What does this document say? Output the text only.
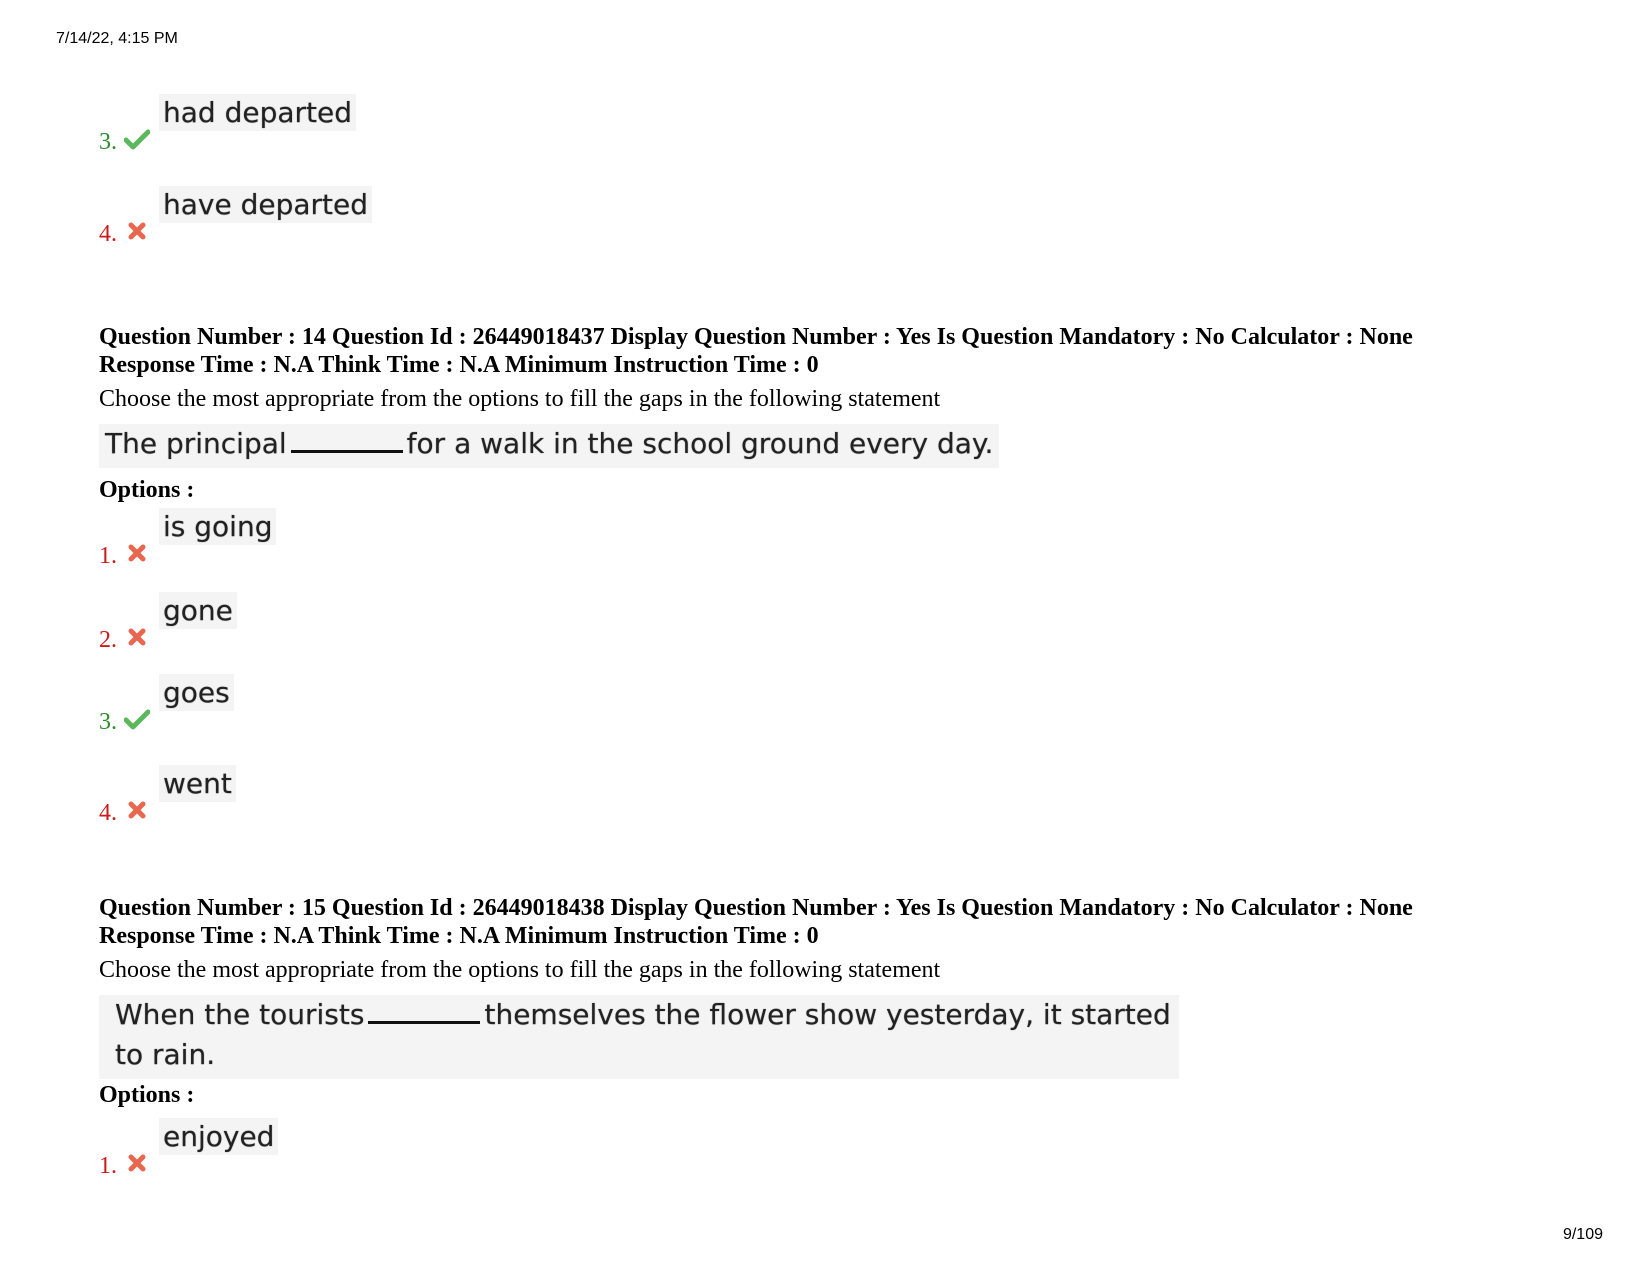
7/14/22, 4:15 PM
3.
had departed
4.
have departed
Question Number : 14 Question Id : 26449018437 Display Question Number : Yes Is Question Mandatory : No Calculator : None
Response Time : N.A Think Time : N.A Minimum Instruction Time : 0
Choose the most appropriate from the options to fill the gaps in the following statement
The principal	for a walk in the school ground every day.
Options :
1.
is going
2.
gone
3.
goes
4.
went
Question Number : 15 Question Id : 26449018438 Display Question Number : Yes Is Question Mandatory : No Calculator : None
Response Time : N.A Think Time : N.A Minimum Instruction Time : 0
Choose the most appropriate from the options to fill the gaps in the following statement
When the tourists	themselves the flower show yesterday, it started
to rain.
Options :
1.
enjoyed
9/109
